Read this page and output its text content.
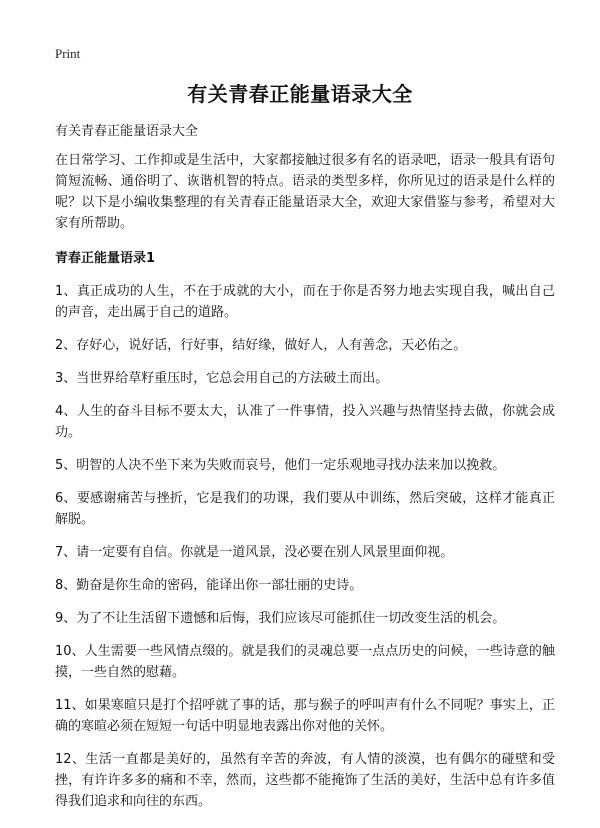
Print
有关青春正能量语录大全
有关青春正能量语录大全

在日常学习、工作抑或是生活中，大家都接触过很多有名的语录吧，语录一般具有语句简短流畅、通俗明了、诙谐机智的特点。语录的类型多样，你所见过的语录是什么样的呢？以下是小编收集整理的有关青春正能量语录大全，欢迎大家借鉴与参考，希望对大家有所帮助。

青春正能量语录1

1、真正成功的人生，不在于成就的大小，而在于你是否努力地去实现自我，喊出自己的声音，走出属于自己的道路。

2、存好心，说好话，行好事，结好缘，做好人，人有善念，天必佑之。

3、当世界给草籽重压时，它总会用自己的方法破土而出。

4、人生的奋斗目标不要太大，认准了一件事情，投入兴趣与热情坚持去做，你就会成功。

5、明智的人决不坐下来为失败而哀号，他们一定乐观地寻找办法来加以挽救。

6、要感谢痛苦与挫折，它是我们的功课，我们要从中训练，然后突破，这样才能真正解脱。

7、请一定要有自信。你就是一道风景，没必要在别人风景里面仰视。

8、勤奋是你生命的密码，能译出你一部壮丽的史诗。

9、为了不让生活留下遗憾和后悔，我们应该尽可能抓住一切改变生活的机会。

10、人生需要一些风情点缀的。就是我们的灵魂总要一点点历史的问候，一些诗意的触摸，一些自然的慰藉。

11、如果寒暄只是打个招呼就了事的话，那与猴子的呼叫声有什么不同呢？事实上，正确的寒暄必须在短短一句话中明显地表露出你对他的关怀。

12、生活一直都是美好的，虽然有辛苦的奔波，有人情的淡漠，也有偶尔的碰壁和受挫，有许许多多的痛和不幸，然而，这些都不能掩饰了生活的美好，生活中总有许多值得我们追求和向往的东西。
